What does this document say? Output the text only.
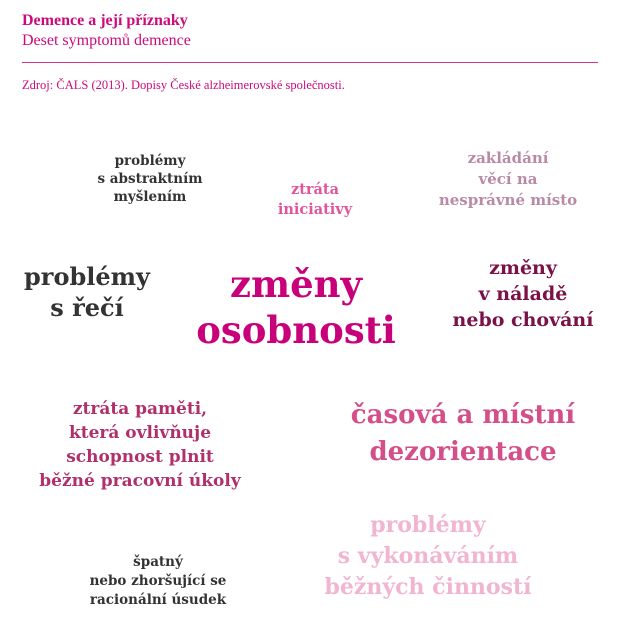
Demence a její příznaky
Deset symptomů demence
Zdroj: ČALS (2013). Dopisy České alzheimerovské společnosti.
problémy
s abstraktním
myšlením	ztráta
iniciativy
zakládání
věcí na
nesprávné místo
problémy
s řečí
změny
osobnosti
změny
v náladě
nebo chování
ztráta paměti,
která ovlivňuje
schopnost plnit
běžné pracovní úkoly
časová a místní
dezorientace
špatný
nebo zhoršující se
racionální úsudek
problémy
s vykonáváním
běžných činností
